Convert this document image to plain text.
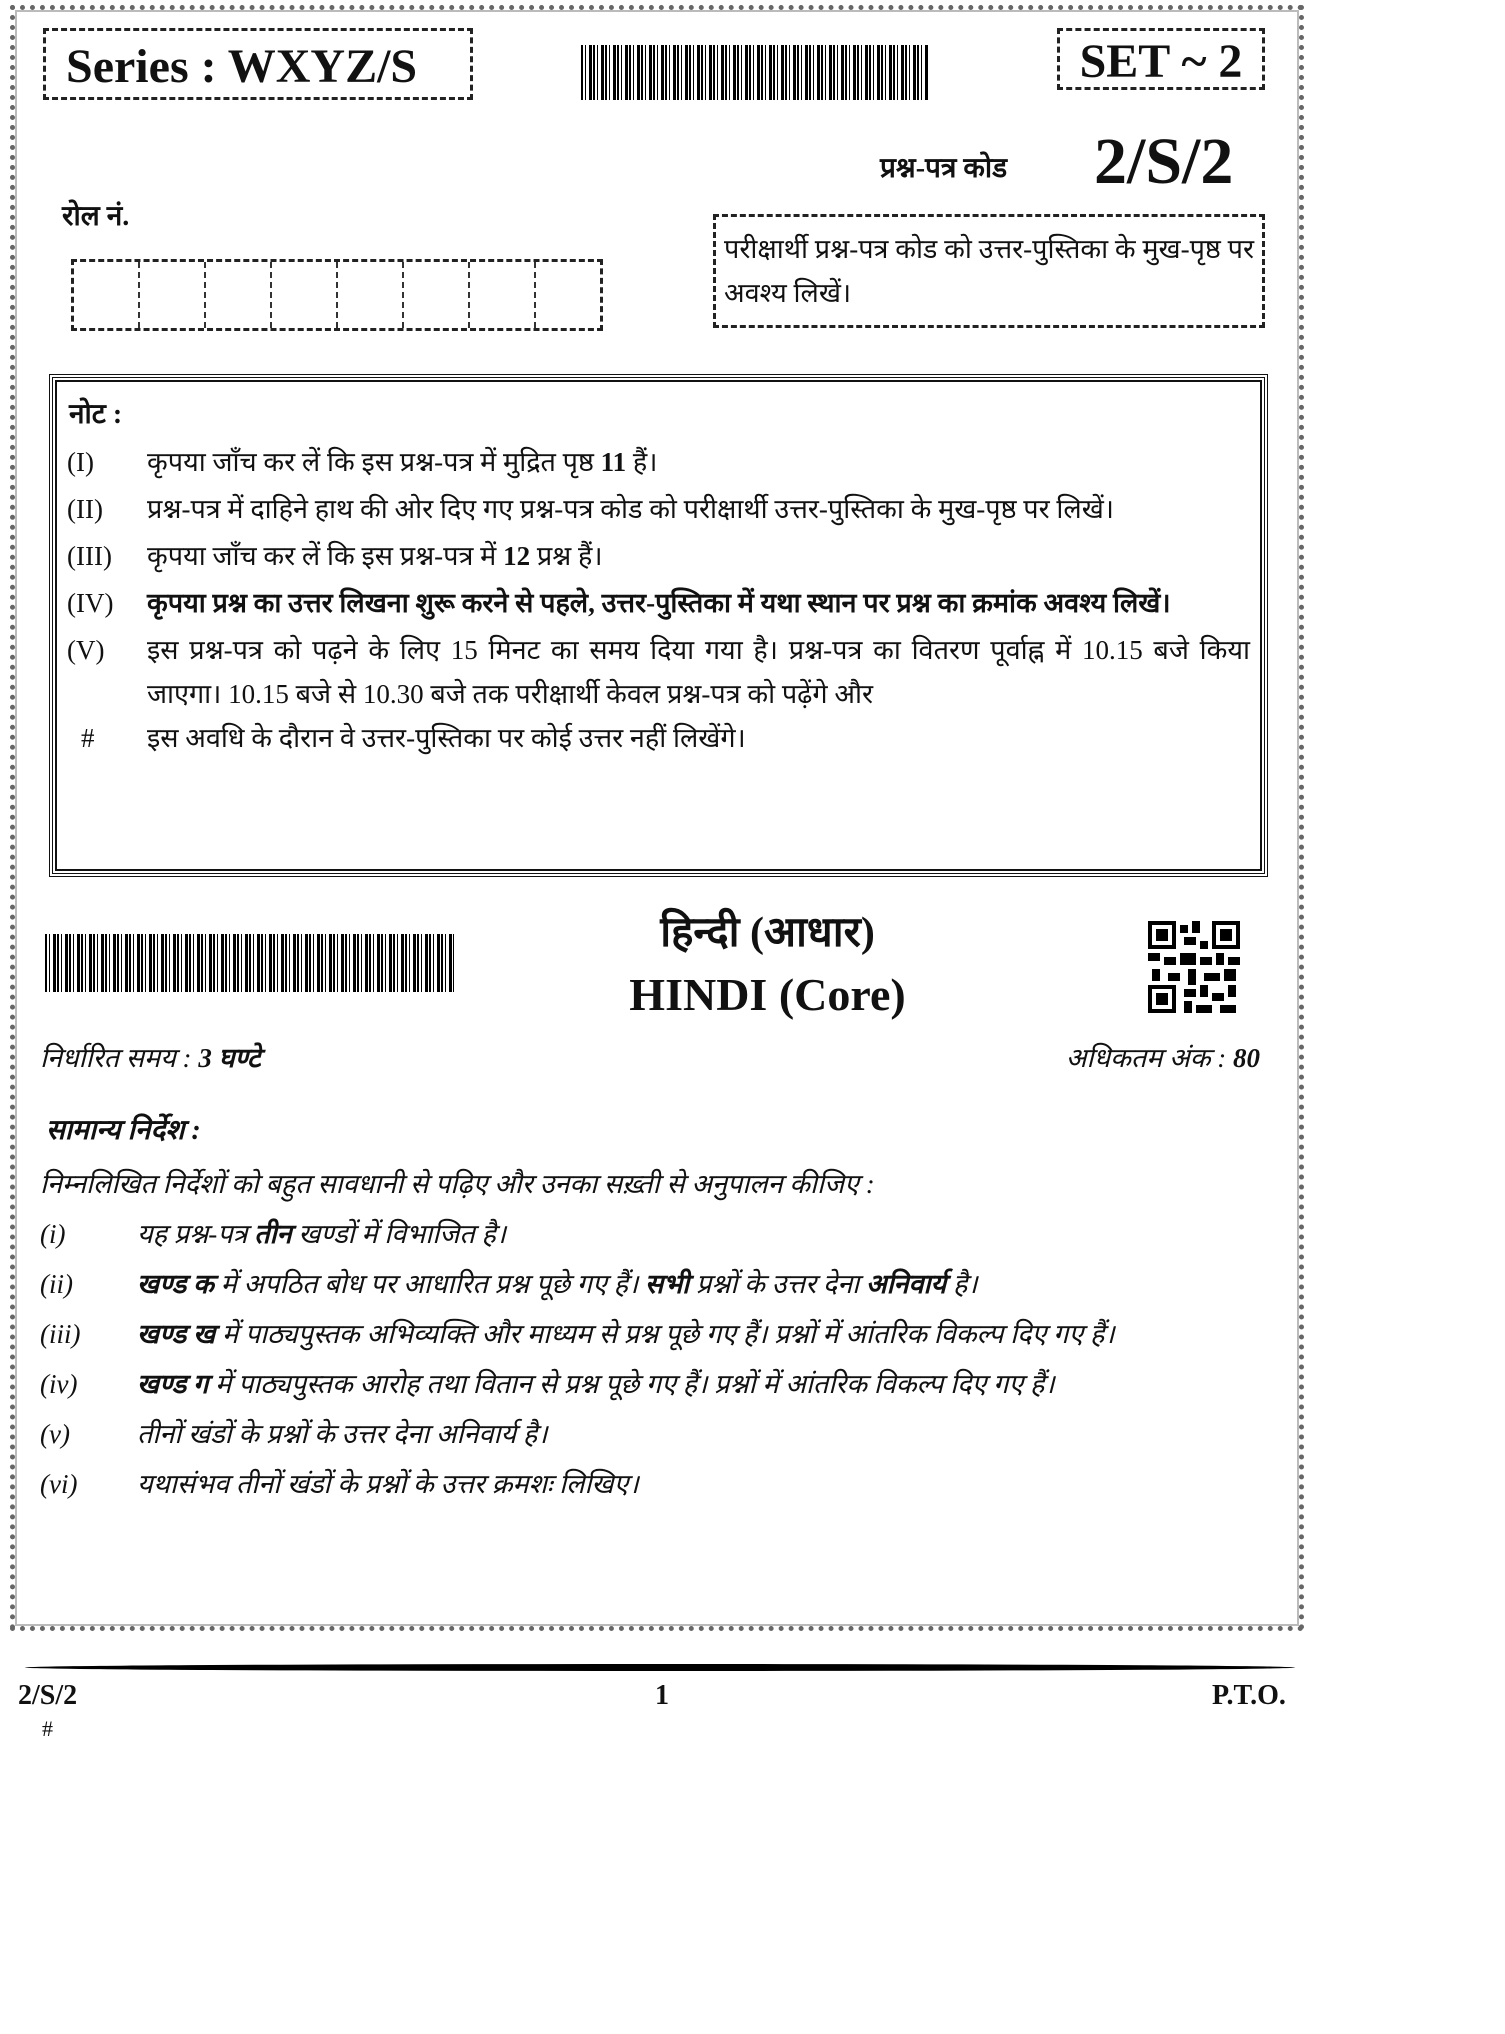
Series : WXYZ/S	SET ~ 2
प्रश्न-पत्र कोड 2/S/2
रोल नं.
परीक्षार्थी प्रश्न-पत्र कोड को उत्तर-पुस्तिका के मुख-पृष्ठ पर अवश्य लिखें।
नोट :
(I)	कृपया जाँच कर लें कि इस प्रश्न-पत्र में मुद्रित पृष्ठ 11 हैं।
(II)	प्रश्न-पत्र में दाहिने हाथ की ओर दिए गए प्रश्न-पत्र कोड को परीक्षार्थी उत्तर-पुस्तिका के मुख-पृष्ठ पर लिखें।
(III)	कृपया जाँच कर लें कि इस प्रश्न-पत्र में 12 प्रश्न हैं।
(IV)	कृपया प्रश्न का उत्तर लिखना शुरू करने से पहले, उत्तर-पुस्तिका में यथा स्थान पर प्रश्न का क्रमांक अवश्य लिखें।
(V)	इस प्रश्न-पत्र को पढ़ने के लिए 15 मिनट का समय दिया गया है। प्रश्न-पत्र का वितरण पूर्वाह्न में 10.15 बजे किया जाएगा। 10.15 बजे से 10.30 बजे तक परीक्षार्थी केवल प्रश्न-पत्र को पढ़ेंगे और
#	इस अवधि के दौरान वे उत्तर-पुस्तिका पर कोई उत्तर नहीं लिखेंगे।
हिन्दी (आधार)
HINDI (Core)
निर्धारित समय : 3 घण्टे	अधिकतम अंक : 80
सामान्य निर्देश :
निम्नलिखित निर्देशों को बहुत सावधानी से पढ़िए और उनका सख़्ती से अनुपालन कीजिए :
(i)	यह प्रश्न-पत्र तीन खण्डों में विभाजित है।
(ii)	खण्ड क में अपठित बोध पर आधारित प्रश्न पूछे गए हैं। सभी प्रश्नों के उत्तर देना अनिवार्य है।
(iii)	खण्ड ख में पाठ्यपुस्तक अभिव्यक्ति और माध्यम से प्रश्न पूछे गए हैं। प्रश्नों में आंतरिक विकल्प दिए गए हैं।
(iv)	खण्ड ग में पाठ्यपुस्तक आरोह तथा वितान से प्रश्न पूछे गए हैं। प्रश्नों में आंतरिक विकल्प दिए गए हैं।
(v)	तीनों खंडों के प्रश्नों के उत्तर देना अनिवार्य है।
(vi)	यथासंभव तीनों खंडों के प्रश्नों के उत्तर क्रमशः लिखिए।
2/S/2
#
1	P.T.O.
